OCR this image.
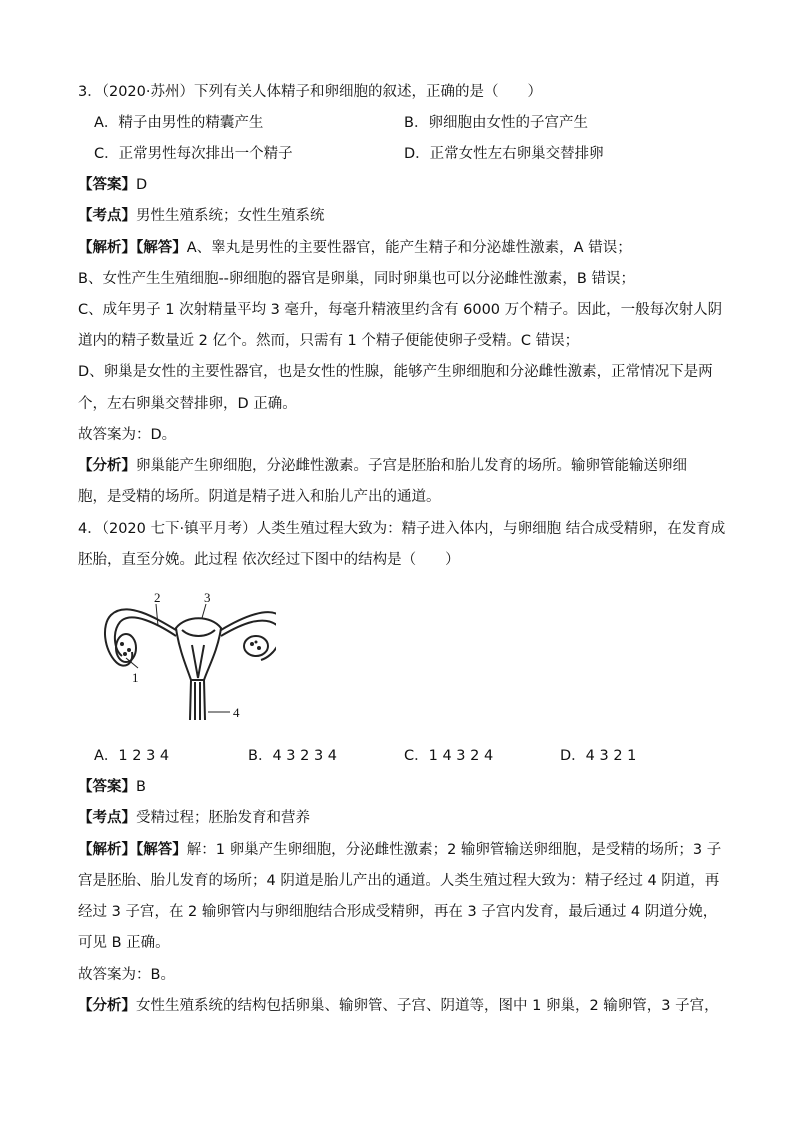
3．（2020·苏州）下列有关人体精子和卵细胞的叙述，正确的是（　　）
A．精子由男性的精囊产生	B．卵细胞由女性的子宫产生
C．正常男性每次排出一个精子	D．正常女性左右卵巢交替排卵
【答案】D
【考点】男性生殖系统；女性生殖系统
【解析】【解答】A、睾丸是男性的主要性器官，能产生精子和分泌雄性激素，A 错误；
B、女性产生生殖细胞--卵细胞的器官是卵巢，同时卵巢也可以分泌雌性激素，B 错误；
C、成年男子 1 次射精量平均 3 毫升，每毫升精液里约含有 6000 万个精子。因此，一般每次射人阴
道内的精子数量近 2 亿个。然而，只需有 1 个精子便能使卵子受精。C 错误；
D、卵巢是女性的主要性器官，也是女性的性腺，能够产生卵细胞和分泌雌性激素，正常情况下是两
个，左右卵巢交替排卵，D 正确。
故答案为：D。
【分析】卵巢能产生卵细胞，分泌雌性激素。子宫是胚胎和胎儿发育的场所。输卵管能输送卵细
胞，是受精的场所。阴道是精子进入和胎儿产出的通道。
4．（2020 七下·镇平月考）人类生殖过程大致为：精子进入体内，与卵细胞 结合成受精卵，在发育成
胚胎，直至分娩。此过程 依次经过下图中的结构是（　　）
2	3
1
4
A．1 2 3 4	B．4 3 2 3 4	C．1 4 3 2 4	D．4 3 2 1
【答案】B
【考点】受精过程；胚胎发育和营养
【解析】【解答】解：1 卵巢产生卵细胞，分泌雌性激素；2 输卵管输送卵细胞，是受精的场所；3 子
宫是胚胎、胎儿发育的场所；4 阴道是胎儿产出的通道。人类生殖过程大致为：精子经过 4 阴道，再
经过 3 子宫，在 2 输卵管内与卵细胞结合形成受精卵，再在 3 子宫内发育，最后通过 4 阴道分娩，
可见 B 正确。
故答案为：B。
【分析】女性生殖系统的结构包括卵巢、输卵管、子宫、阴道等，图中 1 卵巢，2 输卵管，3 子宫，
